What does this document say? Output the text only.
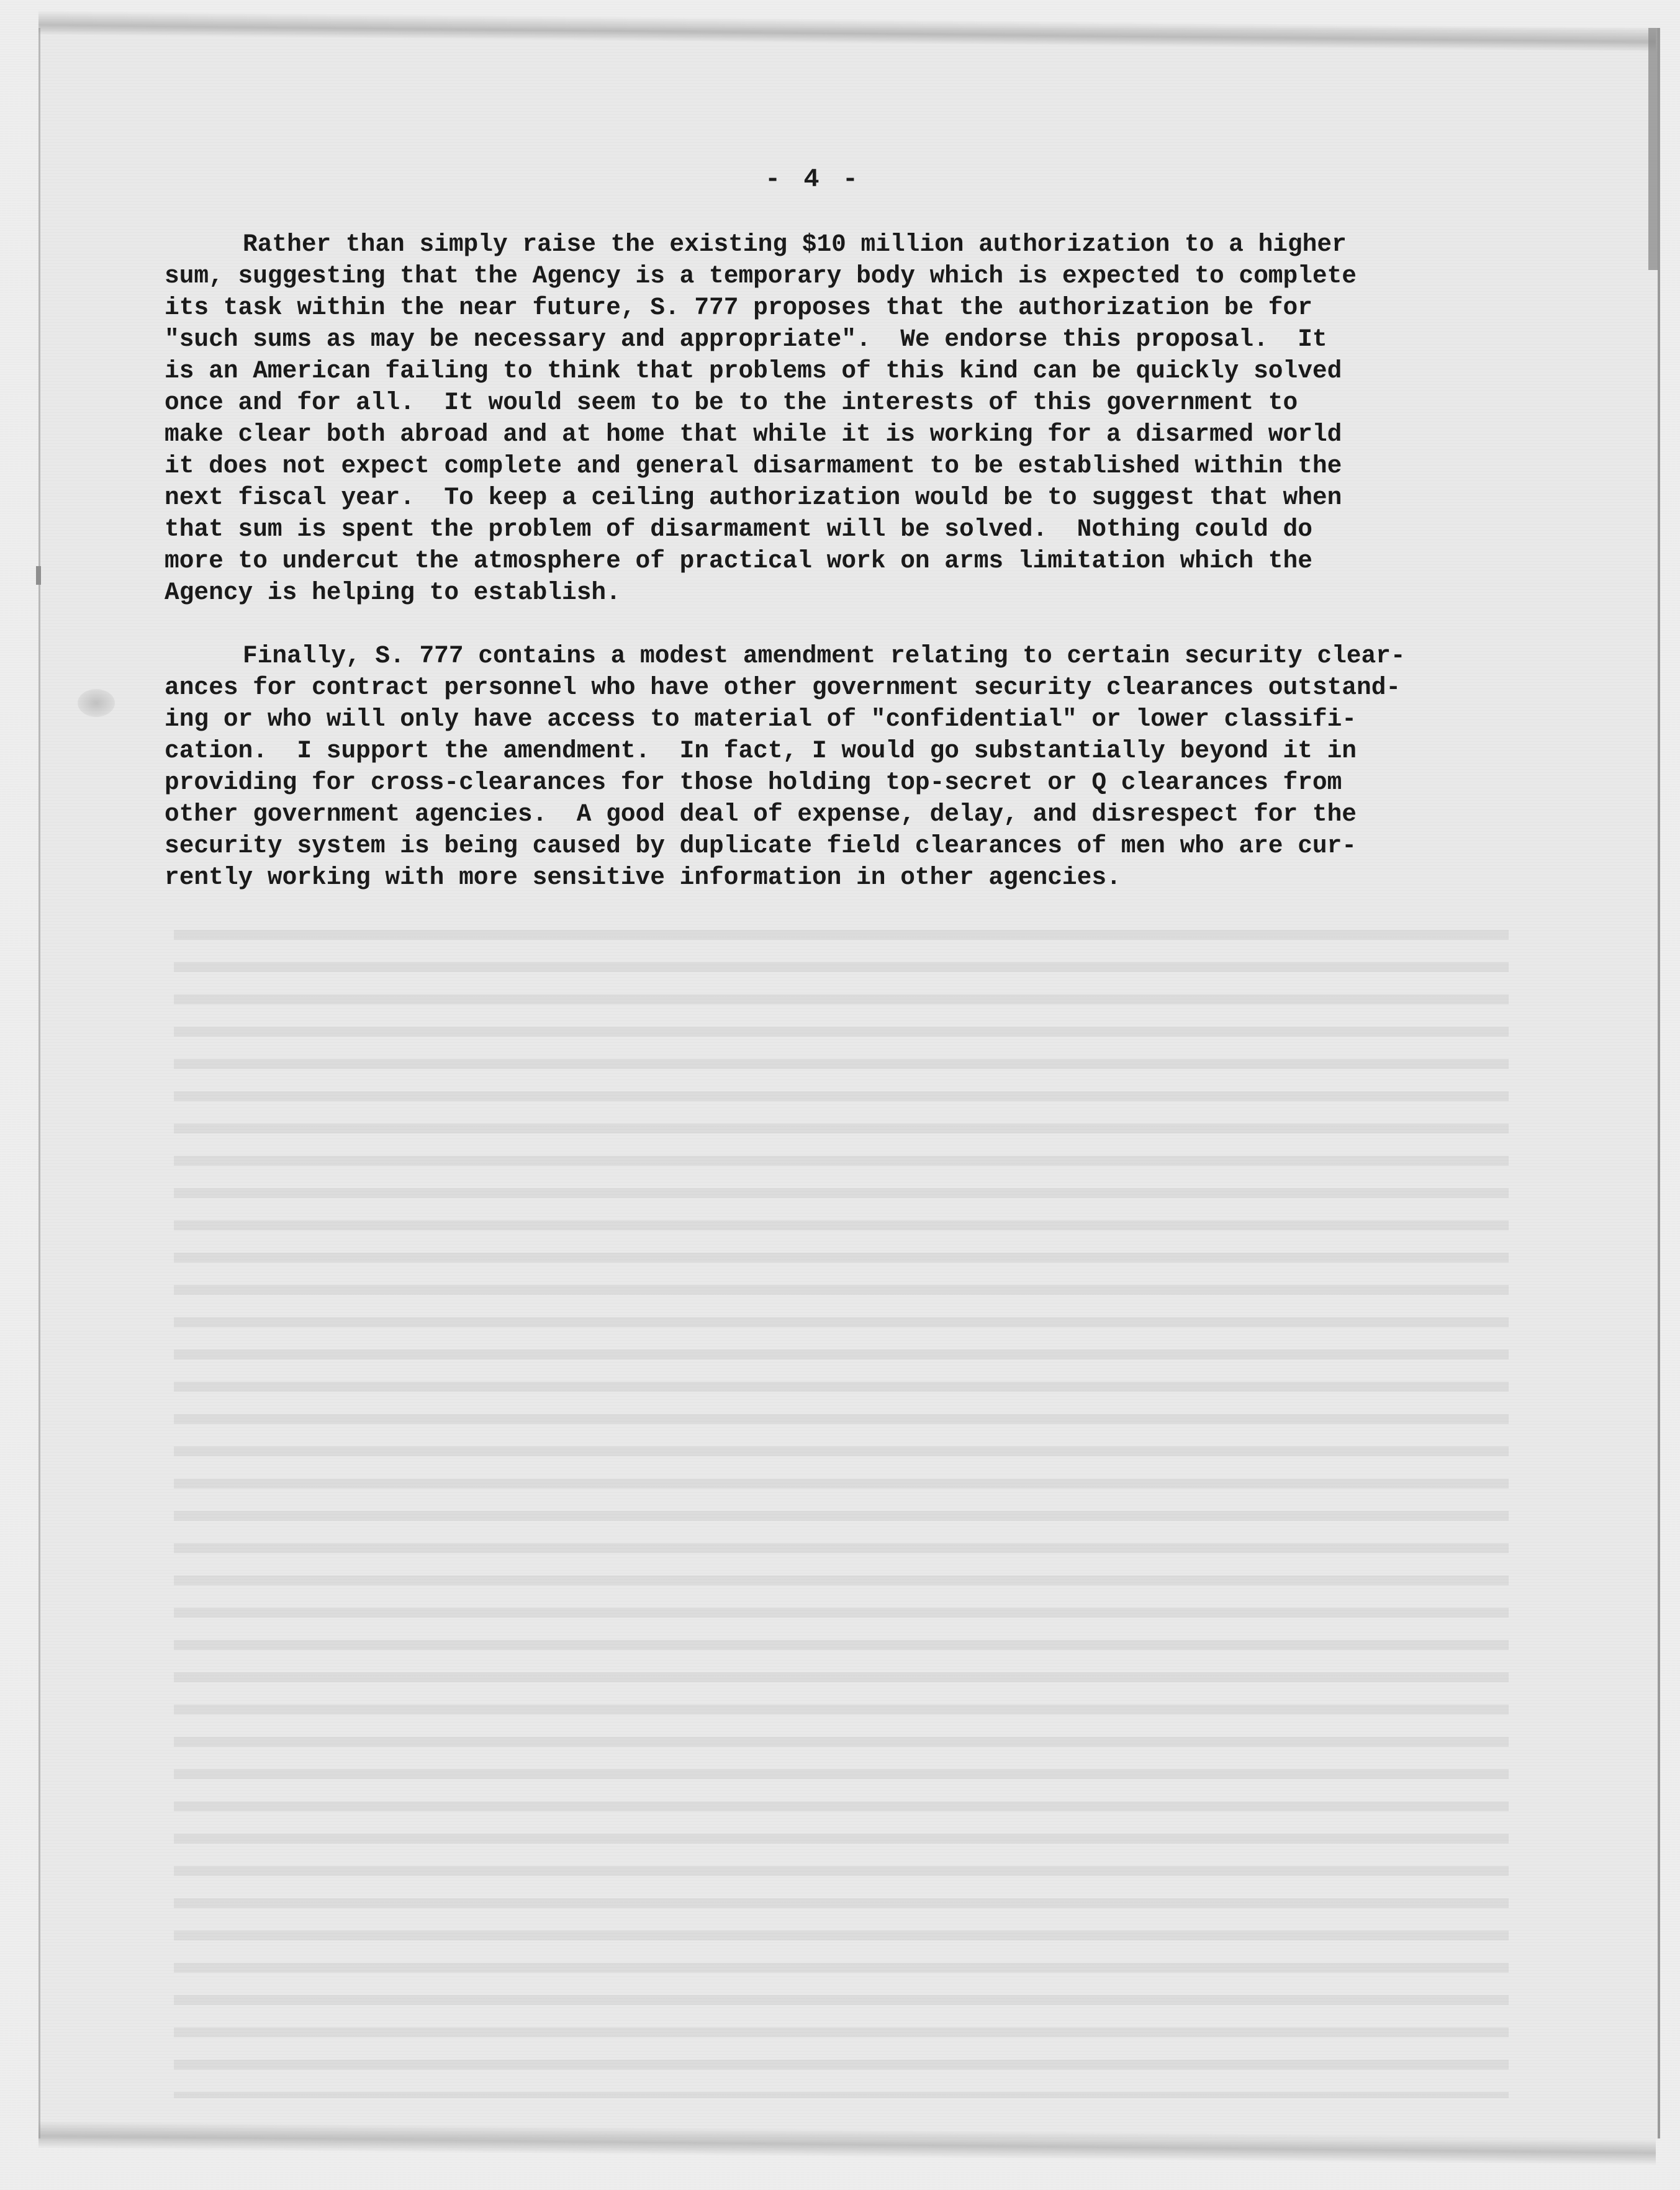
- 4 -
Rather than simply raise the existing $10 million authorization to a higher
sum, suggesting that the Agency is a temporary body which is expected to complete
its task within the near future, S. 777 proposes that the authorization be for
"such sums as may be necessary and appropriate".  We endorse this proposal.  It
is an American failing to think that problems of this kind can be quickly solved
once and for all.  It would seem to be to the interests of this government to
make clear both abroad and at home that while it is working for a disarmed world
it does not expect complete and general disarmament to be established within the
next fiscal year.  To keep a ceiling authorization would be to suggest that when
that sum is spent the problem of disarmament will be solved.  Nothing could do
more to undercut the atmosphere of practical work on arms limitation which the
Agency is helping to establish.
Finally, S. 777 contains a modest amendment relating to certain security clear-
ances for contract personnel who have other government security clearances outstand-
ing or who will only have access to material of "confidential" or lower classifi-
cation.  I support the amendment.  In fact, I would go substantially beyond it in
providing for cross-clearances for those holding top-secret or Q clearances from
other government agencies.  A good deal of expense, delay, and disrespect for the
security system is being caused by duplicate field clearances of men who are cur-
rently working with more sensitive information in other agencies.
